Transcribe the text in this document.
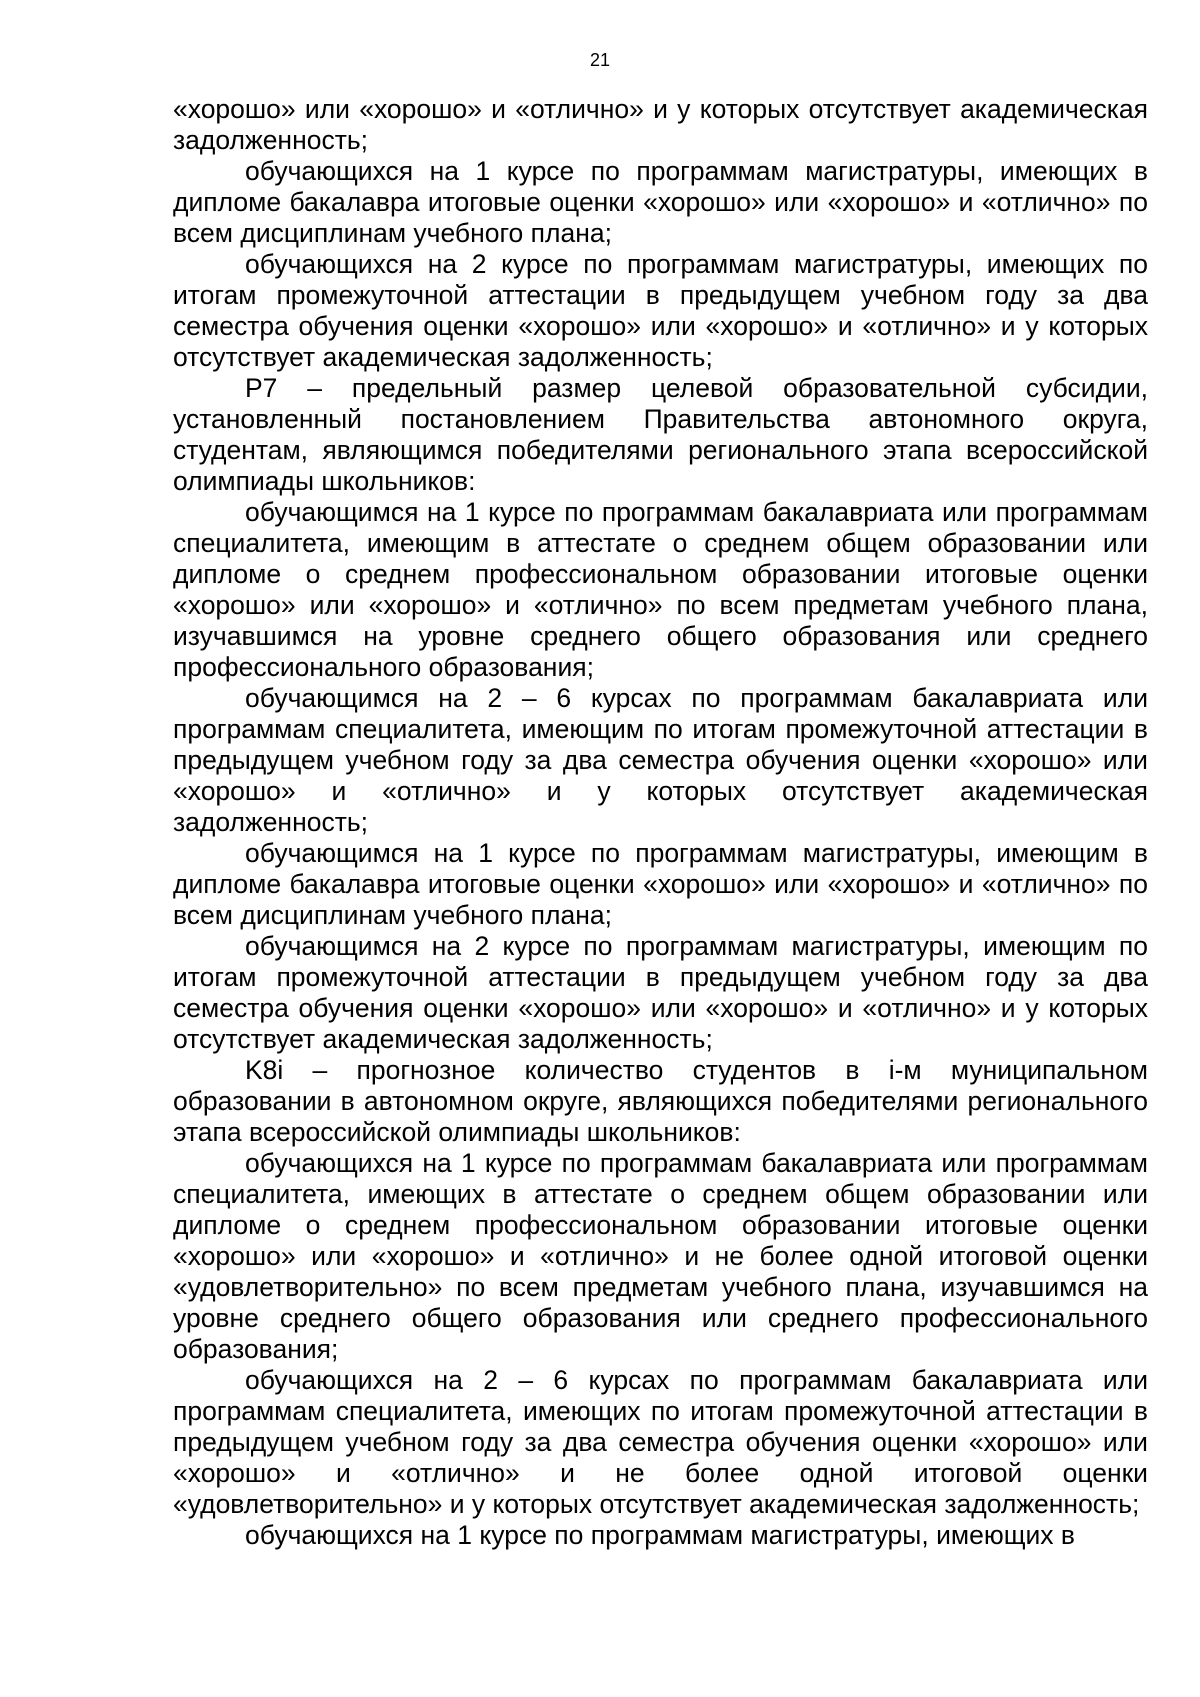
21

«хорошо» или «хорошо» и «отлично» и у которых отсутствует академическая задолженность;

обучающихся на 1 курсе по программам магистратуры, имеющих в дипломе бакалавра итоговые оценки «хорошо» или «хорошо» и «отлично» по всем дисциплинам учебного плана;

обучающихся на 2 курсе по программам магистратуры, имеющих по итогам промежуточной аттестации в предыдущем учебном году за два семестра обучения оценки «хорошо» или «хорошо» и «отлично» и у которых отсутствует академическая задолженность;

P7 – предельный размер целевой образовательной субсидии, установленный постановлением Правительства автономного округа, студентам, являющимся победителями регионального этапа всероссийской олимпиады школьников:

обучающимся на 1 курсе по программам бакалавриата или программам специалитета, имеющим в аттестате о среднем общем образовании или дипломе о среднем профессиональном образовании итоговые оценки «хорошо» или «хорошо» и «отлично» по всем предметам учебного плана, изучавшимся на уровне среднего общего образования или среднего профессионального образования;

обучающимся на 2 – 6 курсах по программам бакалавриата или программам специалитета, имеющим по итогам промежуточной аттестации в предыдущем учебном году за два семестра обучения оценки «хорошо» или «хорошо» и «отлично» и у которых отсутствует академическая задолженность;

обучающимся на 1 курсе по программам магистратуры, имеющим в дипломе бакалавра итоговые оценки «хорошо» или «хорошо» и «отлично» по всем дисциплинам учебного плана;

обучающимся на 2 курсе по программам магистратуры, имеющим по итогам промежуточной аттестации в предыдущем учебном году за два семестра обучения оценки «хорошо» или «хорошо» и «отлично» и у которых отсутствует академическая задолженность;

K8i – прогнозное количество студентов в i-м муниципальном образовании в автономном округе, являющихся победителями регионального этапа всероссийской олимпиады школьников:

обучающихся на 1 курсе по программам бакалавриата или программам специалитета, имеющих в аттестате о среднем общем образовании или дипломе о среднем профессиональном образовании итоговые оценки «хорошо» или «хорошо» и «отлично» и не более одной итоговой оценки «удовлетворительно» по всем предметам учебного плана, изучавшимся на уровне среднего общего образования или среднего профессионального образования;

обучающихся на 2 – 6 курсах по программам бакалавриата или программам специалитета, имеющих по итогам промежуточной аттестации в предыдущем учебном году за два семестра обучения оценки «хорошо» или «хорошо» и «отлично» и не более одной итоговой оценки «удовлетворительно» и у которых отсутствует академическая задолженность;

обучающихся на 1 курсе по программам магистратуры, имеющих в
